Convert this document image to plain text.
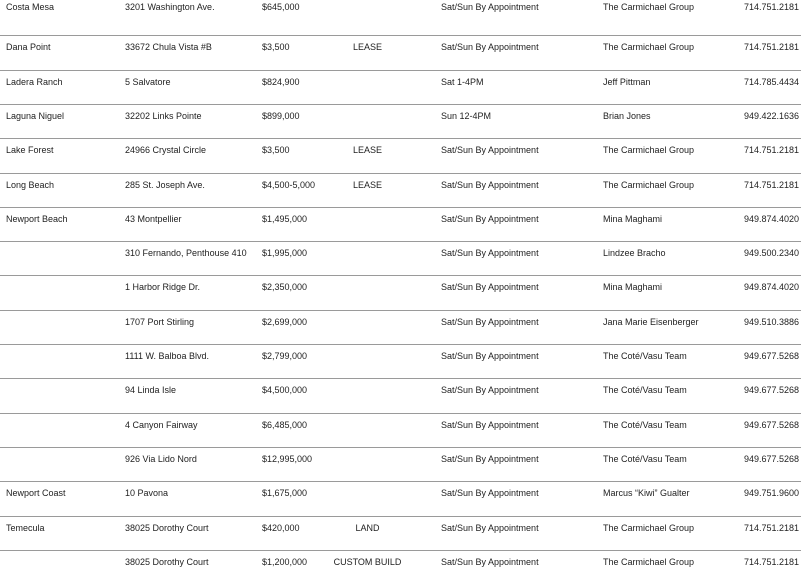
Costa Mesa	3201 Washington Ave.	$645,000	Sat/Sun By Appointment	The Carmichael Group	714.751.2181
Dana Point	33672 Chula Vista #B	$3,500	LEASE	Sat/Sun By Appointment	The Carmichael Group	714.751.2181
Ladera Ranch	5 Salvatore	$824,900	Sat 1-4PM	Jeff Pittman	714.785.4434
Laguna Niguel	32202 Links Pointe	$899,000	Sun 12-4PM	Brian Jones	949.422.1636
Lake Forest	24966 Crystal Circle	$3,500	LEASE	Sat/Sun By Appointment	The Carmichael Group	714.751.2181
Long Beach	285 St. Joseph Ave.	$4,500-5,000	LEASE	Sat/Sun By Appointment	The Carmichael Group	714.751.2181
Newport Beach	43 Montpellier	$1,495,000	Sat/Sun By Appointment	Mina Maghami	949.874.4020
310 Fernando, Penthouse 410 $1,995,000	Sat/Sun By Appointment	Lindzee Bracho	949.500.2340
1 Harbor Ridge Dr.	$2,350,000	Sat/Sun By Appointment	Mina Maghami	949.874.4020
1707 Port Stirling	$2,699,000	Sat/Sun By Appointment	Jana Marie Eisenberger	949.510.3886
1111 W. Balboa Blvd.	$2,799,000	Sat/Sun By Appointment	The Coté/Vasu Team	949.677.5268
94 Linda Isle	$4,500,000	Sat/Sun By Appointment	The Coté/Vasu Team	949.677.5268
4 Canyon Fairway	$6,485,000	Sat/Sun By Appointment	The Coté/Vasu Team	949.677.5268
926 Via Lido Nord	$12,995,000	Sat/Sun By Appointment	The Coté/Vasu Team	949.677.5268
Newport Coast	10 Pavona	$1,675,000	Sat/Sun By Appointment	Marcus “Kiwi” Gualter	949.751.9600
Temecula	38025 Dorothy Court	$420,000	LAND	Sat/Sun By Appointment	The Carmichael Group	714.751.2181
38025 Dorothy Court	$1,200,000	CUSTOM BUILD	Sat/Sun By Appointment	The Carmichael Group	714.751.2181
